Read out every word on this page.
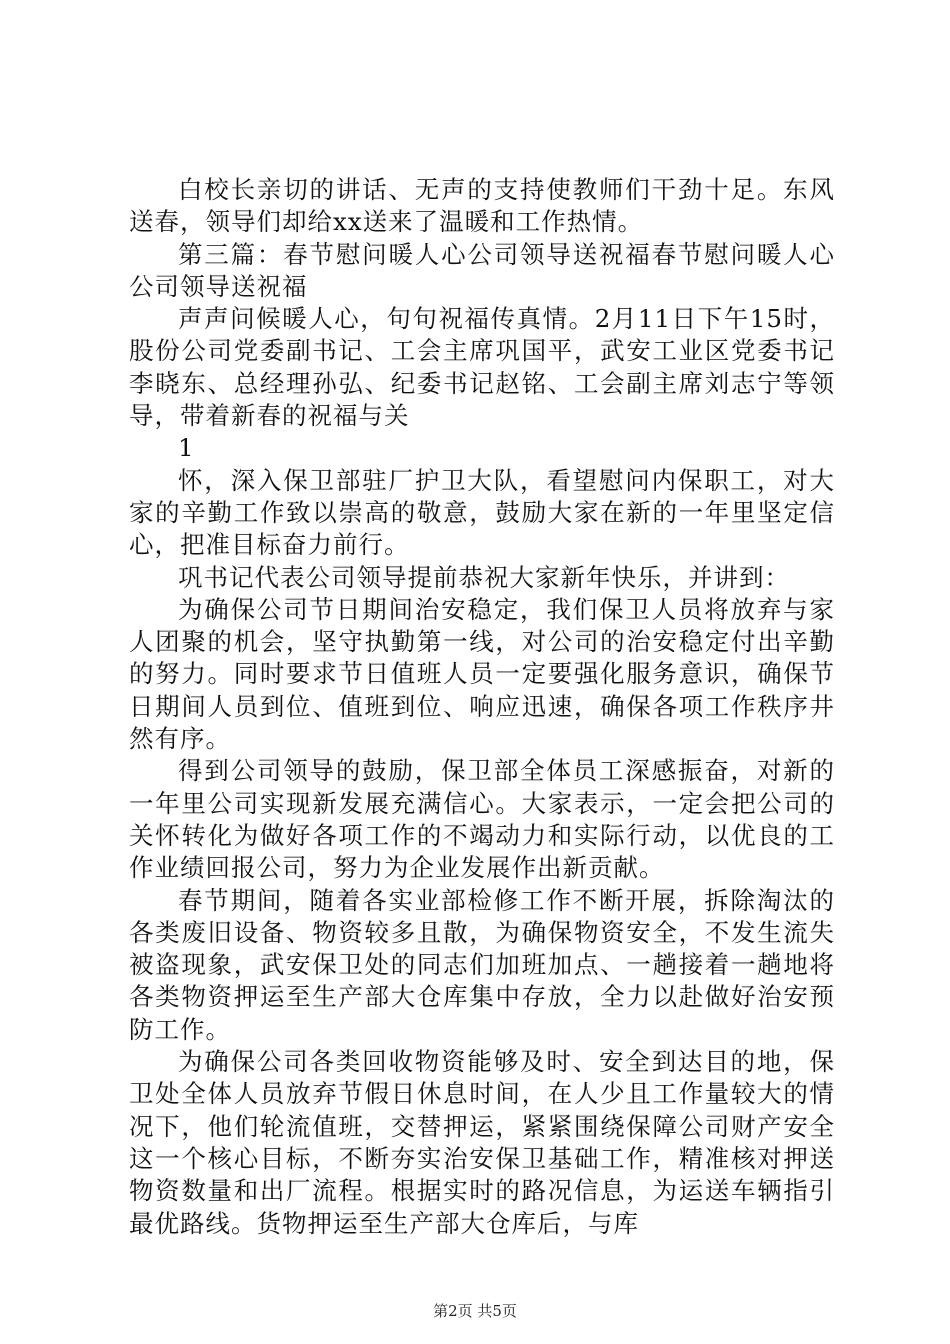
白校长亲切的讲话、无声的支持使教师们干劲十足。东风送春，领导们却给xx送来了温暖和工作热情。

第三篇：春节慰问暖人心公司领导送祝福春节慰问暖人心公司领导送祝福

声声问候暖人心，句句祝福传真情。2月11日下午15时，股份公司党委副书记、工会主席巩国平，武安工业区党委书记李晓东、总经理孙弘、纪委书记赵铭、工会副主席刘志宁等领导，带着新春的祝福与关

1

怀，深入保卫部驻厂护卫大队，看望慰问内保职工，对大家的辛勤工作致以崇高的敬意，鼓励大家在新的一年里坚定信心，把准目标奋力前行。

巩书记代表公司领导提前恭祝大家新年快乐，并讲到：

为确保公司节日期间治安稳定，我们保卫人员将放弃与家人团聚的机会，坚守执勤第一线，对公司的治安稳定付出辛勤的努力。同时要求节日值班人员一定要强化服务意识，确保节日期间人员到位、值班到位、响应迅速，确保各项工作秩序井然有序。

得到公司领导的鼓励，保卫部全体员工深感振奋，对新的一年里公司实现新发展充满信心。大家表示，一定会把公司的关怀转化为做好各项工作的不竭动力和实际行动，以优良的工作业绩回报公司，努力为企业发展作出新贡献。

春节期间，随着各实业部检修工作不断开展，拆除淘汰的各类废旧设备、物资较多且散，为确保物资安全，不发生流失被盗现象，武安保卫处的同志们加班加点、一趟接着一趟地将各类物资押运至生产部大仓库集中存放，全力以赴做好治安预防工作。

为确保公司各类回收物资能够及时、安全到达目的地，保卫处全体人员放弃节假日休息时间，在人少且工作量较大的情况下，他们轮流值班，交替押运，紧紧围绕保障公司财产安全这一个核心目标，不断夯实治安保卫基础工作，精准核对押送物资数量和出厂流程。根据实时的路况信息，为运送车辆指引最优路线。货物押运至生产部大仓库后，与库

第2页 共5页
